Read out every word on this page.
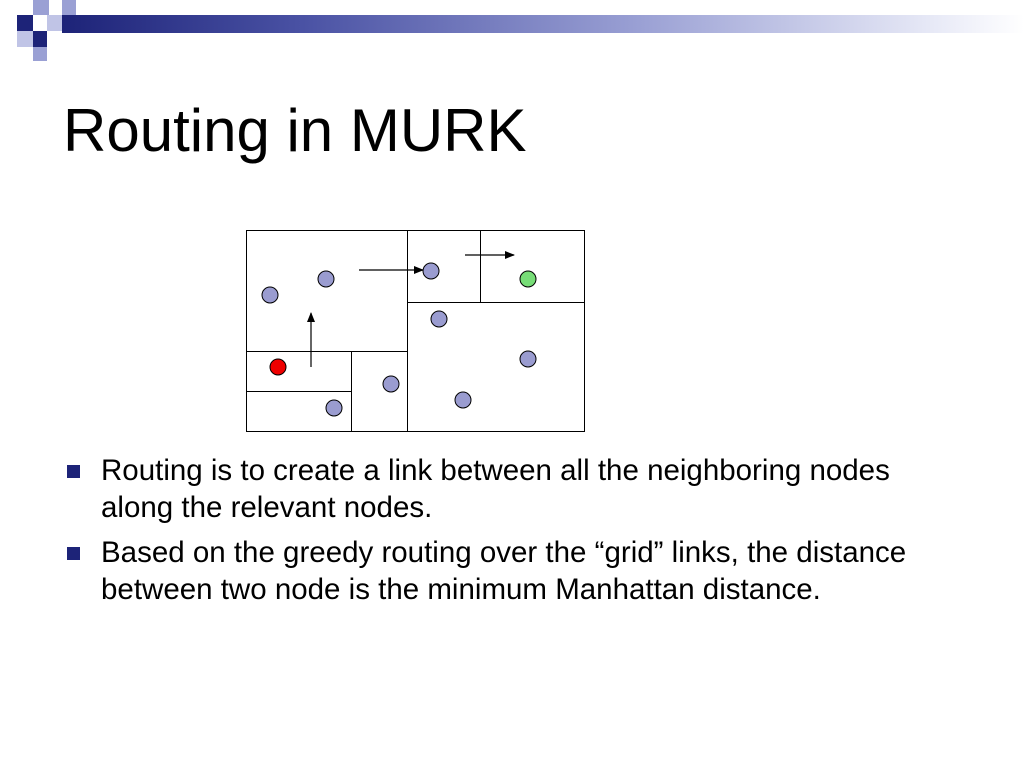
Routing in MURK
Routing is to create a link between all the neighboring nodes along the relevant nodes.
Based on the greedy routing over the “grid” links, the distance between two node is the minimum Manhattan distance.
